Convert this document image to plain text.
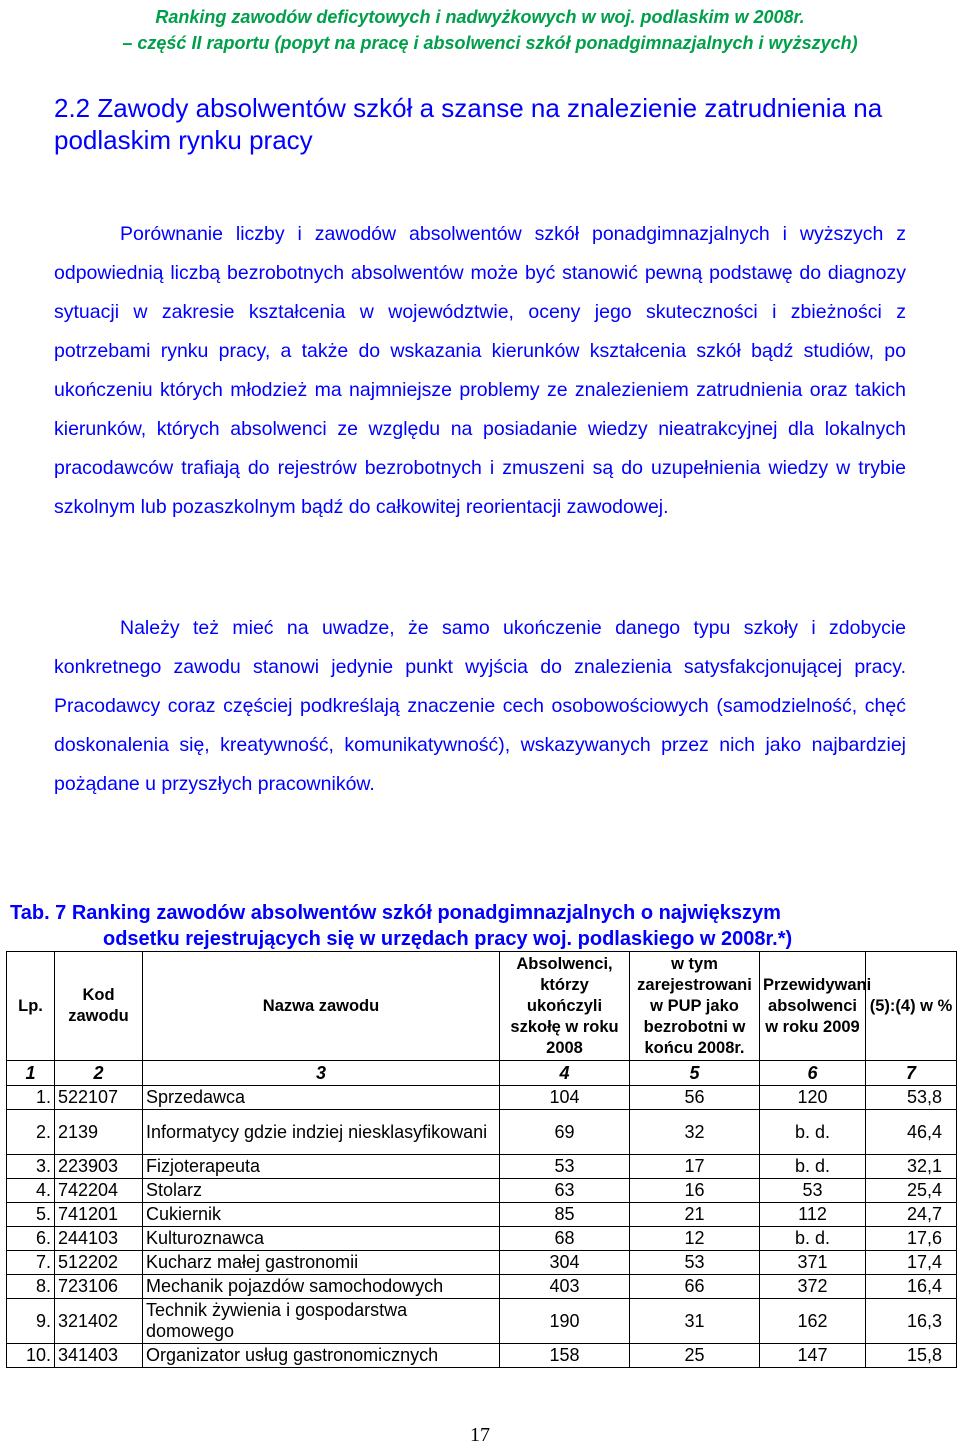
Ranking zawodów deficytowych i nadwyżkowych w woj. podlaskim w 2008r.
– część II raportu (popyt na pracę i absolwenci szkół ponadgimnazjalnych i wyższych)
2.2 Zawody absolwentów szkół a szanse na znalezienie zatrudnienia na podlaskim rynku pracy
Porównanie liczby i zawodów absolwentów szkół ponadgimnazjalnych i wyższych z odpowiednią liczbą bezrobotnych absolwentów może być stanowić pewną podstawę do diagnozy sytuacji w zakresie kształcenia w województwie, oceny jego skuteczności i zbieżności z potrzebami rynku pracy, a także do wskazania kierunków kształcenia szkół bądź studiów, po ukończeniu których młodzież ma najmniejsze problemy ze znalezieniem zatrudnienia oraz takich kierunków, których absolwenci ze względu na posiadanie wiedzy nieatrakcyjnej dla lokalnych pracodawców trafiają do rejestrów bezrobotnych i zmuszeni są do uzupełnienia wiedzy w trybie szkolnym lub pozaszkolnym bądź do całkowitej reorientacji zawodowej.
Należy też mieć na uwadze, że samo ukończenie danego typu szkoły i zdobycie konkretnego zawodu stanowi jedynie punkt wyjścia do znalezienia satysfakcjonującej pracy. Pracodawcy coraz częściej podkreślają znaczenie cech osobowościowych (samodzielność, chęć doskonalenia się, kreatywność, komunikatywność), wskazywanych przez nich jako najbardziej pożądane u przyszłych pracowników.
Tab. 7 Ranking zawodów absolwentów szkół ponadgimnazjalnych o największym
odsetku rejestrujących się w urzędach pracy woj. podlaskiego w 2008r.*)
Lp.	Kod zawodu	Nazwa zawodu	Absolwenci, którzy ukończyli szkołę w roku 2008	w tym zarejestrowani w PUP jako bezrobotni w końcu 2008r.	Przewidywani absolwenci w roku 2009	(5):(4) w %
1	2	3	4	5	6	7
1.	522107	Sprzedawca	104	56	120	53,8
2.	2139	Informatycy gdzie indziej niesklasyfikowani	69	32	b. d.	46,4
3.	223903	Fizjoterapeuta	53	17	b. d.	32,1
4.	742204	Stolarz	63	16	53	25,4
5.	741201	Cukiernik	85	21	112	24,7
6.	244103	Kulturoznawca	68	12	b. d.	17,6
7.	512202	Kucharz małej gastronomii	304	53	371	17,4
8.	723106	Mechanik pojazdów samochodowych	403	66	372	16,4
9.	321402	Technik żywienia i gospodarstwa domowego	190	31	162	16,3
10.	341403	Organizator usług gastronomicznych	158	25	147	15,8
17
